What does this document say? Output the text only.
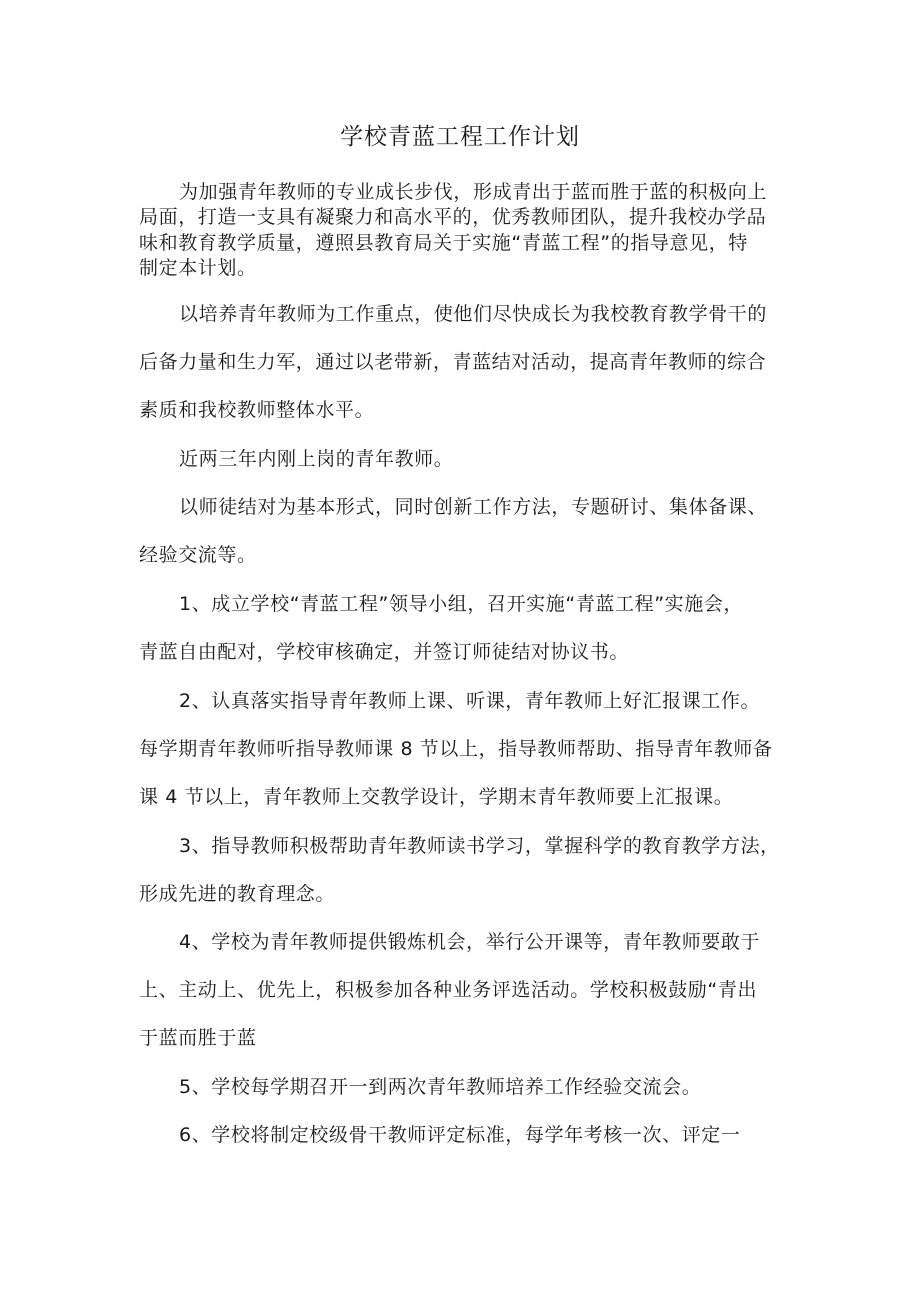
学校青蓝工程工作计划

为加强青年教师的专业成长步伐，形成青出于蓝而胜于蓝的积极向上

局面，打造一支具有凝聚力和高水平的，优秀教师团队，提升我校办学品

味和教育教学质量，遵照县教育局关于实施“青蓝工程”的指导意见，特

制定本计划。

以培养青年教师为工作重点，使他们尽快成长为我校教育教学骨干的

后备力量和生力军，通过以老带新，青蓝结对活动，提高青年教师的综合

素质和我校教师整体水平。

近两三年内刚上岗的青年教师。

以师徒结对为基本形式，同时创新工作方法，专题研讨、集体备课、

经验交流等。

1、成立学校“青蓝工程”领导小组，召开实施“青蓝工程”实施会，

青蓝自由配对，学校审核确定，并签订师徒结对协议书。

2、认真落实指导青年教师上课、听课，青年教师上好汇报课工作。

每学期青年教师听指导教师课 8 节以上，指导教师帮助、指导青年教师备

课 4 节以上，青年教师上交教学设计，学期末青年教师要上汇报课。

3、指导教师积极帮助青年教师读书学习，掌握科学的教育教学方法，

形成先进的教育理念。

4、学校为青年教师提供锻炼机会，举行公开课等，青年教师要敢于

上、主动上、优先上，积极参加各种业务评选活动。学校积极鼓励“青出

于蓝而胜于蓝

5、学校每学期召开一到两次青年教师培养工作经验交流会。

6、学校将制定校级骨干教师评定标准，每学年考核一次、评定一
